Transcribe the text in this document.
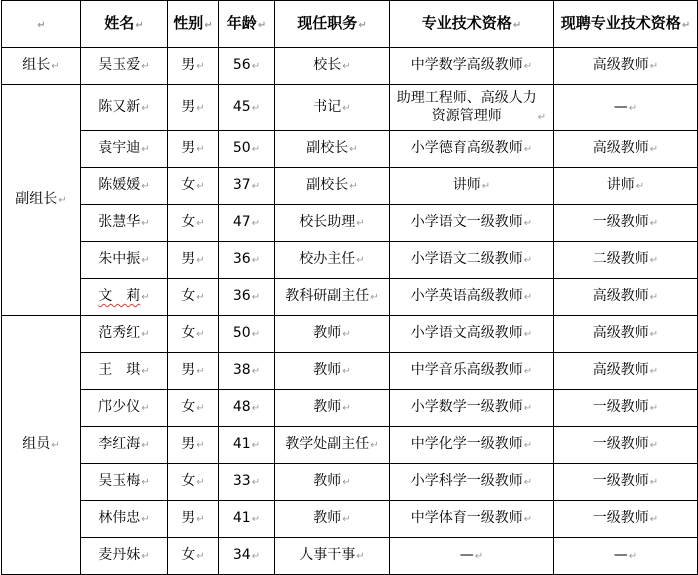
↵	姓名↵	性别↵	年龄↵	现任职务↵	专业技术资格↵	现聘专业技术资格↵
组长↵	吴玉爱↵	男↵	56↵	校长↵	中学数学高级教师↵	高级教师↵
副组长↵	陈又新↵	男↵	45↵	书记↵	助理工程师、高级人力资源管理师 ↵	—↵
	袁宇迪↵	男↵	50↵	副校长↵	小学德育高级教师↵	高级教师↵
	陈媛媛↵	女↵	37↵	副校长↵	讲师↵	讲师↵
	张慧华↵	女↵	47↵	校长助理↵	小学语文一级教师↵	一级教师↵
	朱中振↵	男↵	36↵	校办主任↵	小学语文二级教师↵	二级教师↵
	文　莉↵	女↵	36↵	教科研副主任↵	小学英语高级教师↵	高级教师↵
组员↵	范秀红↵	女↵	50↵	教师↵	小学语文高级教师↵	高级教师↵
	王　琪↵	男↵	38↵	教师↵	中学音乐高级教师↵	高级教师↵
	邝少仪↵	女↵	48↵	教师↵	小学数学一级教师↵	一级教师↵
	李红海↵	男↵	41↵	教学处副主任↵	中学化学一级教师↵	一级教师↵
	吴玉梅↵	女↵	33↵	教师↵	小学科学一级教师↵	一级教师↵
	林伟忠↵	男↵	41↵	教师↵	中学体育一级教师↵	一级教师↵
	麦丹妹↵	女↵	34↵	人事干事↵	—↵	—↵
